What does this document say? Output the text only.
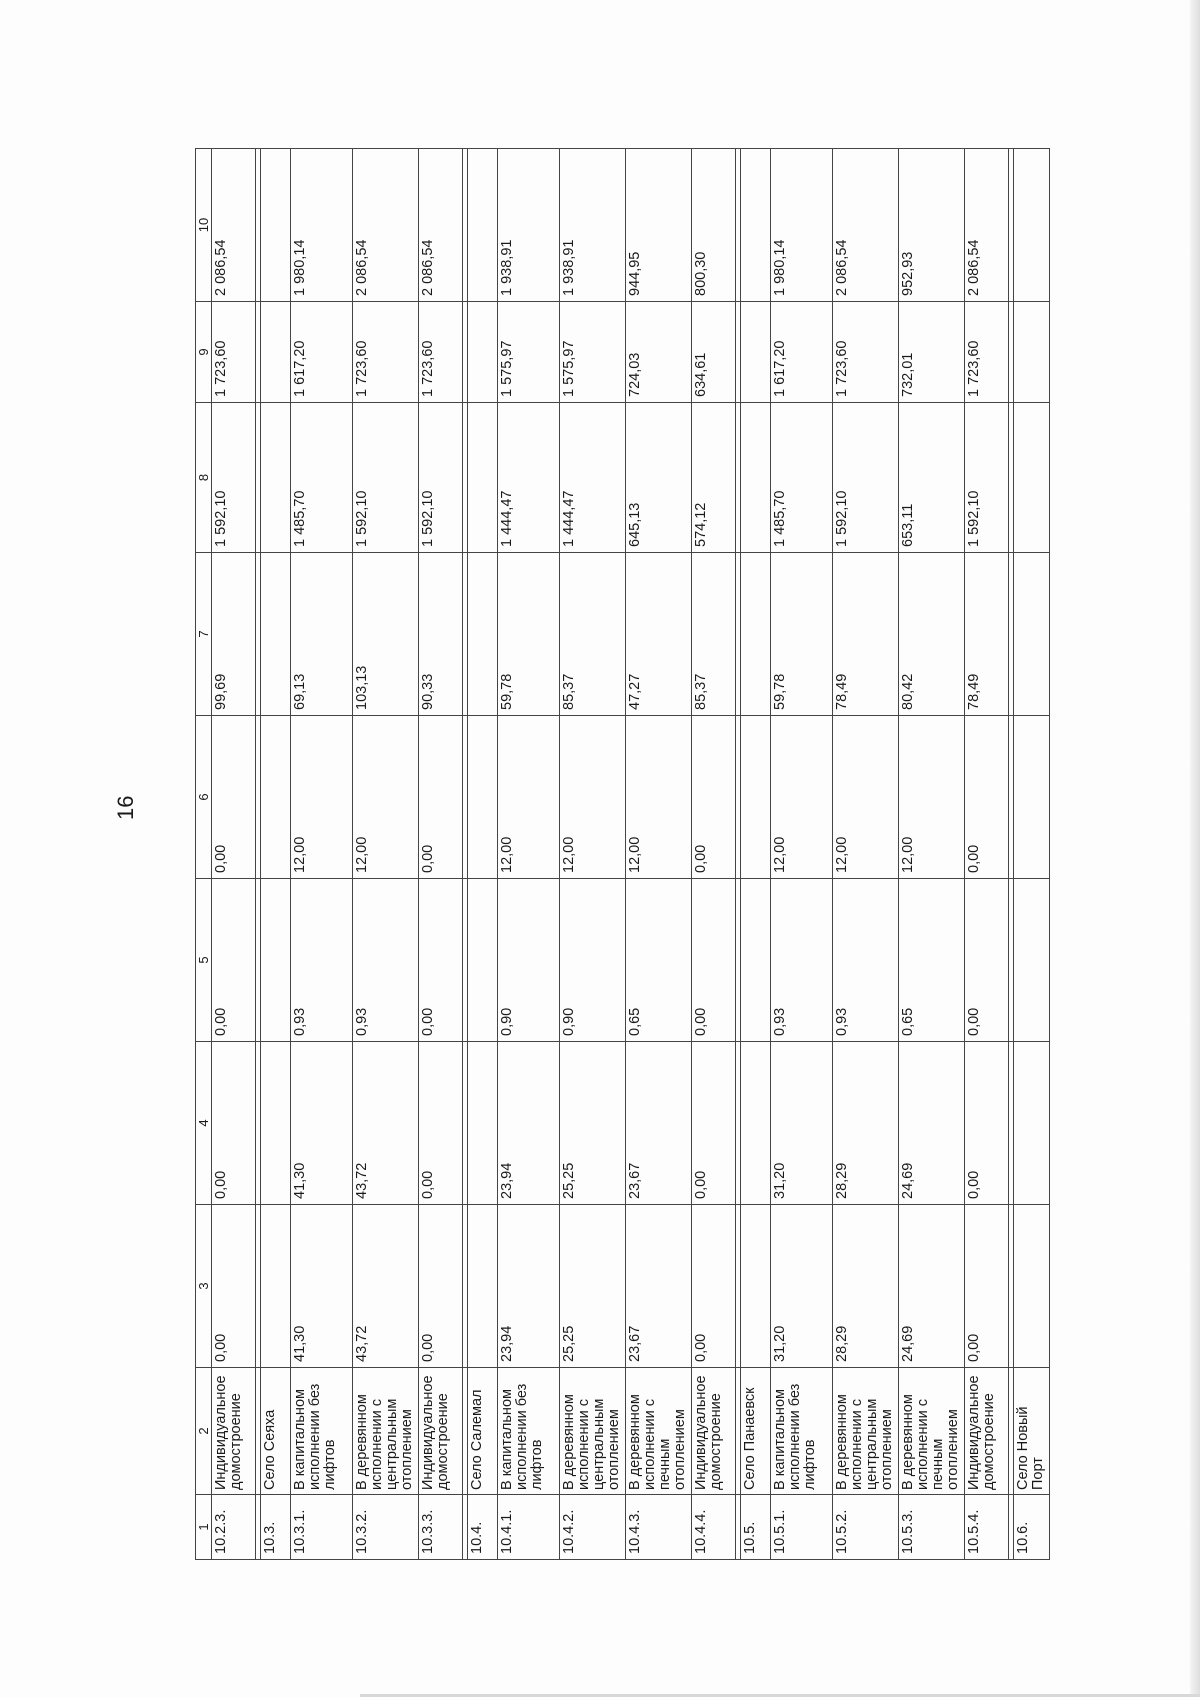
16
1	2	3	4	5	6	7	8	9	10
10.2.3.	Индивидуальное домостроение	0,00	0,00	0,00	0,00	99,69	1 592,10	1 723,60	2 086,54

10.3.	Село Сеяха								
10.3.1.	В капитальном исполнении без лифтов	41,30	41,30	0,93	12,00	69,13	1 485,70	1 617,20	1 980,14
10.3.2.	В деревянном исполнении с центральным отоплением	43,72	43,72	0,93	12,00	103,13	1 592,10	1 723,60	2 086,54
10.3.3.	Индивидуальное домостроение	0,00	0,00	0,00	0,00	90,33	1 592,10	1 723,60	2 086,54

10.4.	Село Салемал								
10.4.1.	В капитальном исполнении без лифтов	23,94	23,94	0,90	12,00	59,78	1 444,47	1 575,97	1 938,91
10.4.2.	В деревянном исполнении с центральным отоплением	25,25	25,25	0,90	12,00	85,37	1 444,47	1 575,97	1 938,91
10.4.3.	В деревянном исполнении с печным отоплением	23,67	23,67	0,65	12,00	47,27	645,13	724,03	944,95
10.4.4.	Индивидуальное домостроение	0,00	0,00	0,00	0,00	85,37	574,12	634,61	800,30

10.5.	Село Панаевск								
10.5.1.	В капитальном исполнении без лифтов	31,20	31,20	0,93	12,00	59,78	1 485,70	1 617,20	1 980,14
10.5.2.	В деревянном исполнении с центральным отоплением	28,29	28,29	0,93	12,00	78,49	1 592,10	1 723,60	2 086,54
10.5.3.	В деревянном исполнении с печным отоплением	24,69	24,69	0,65	12,00	80,42	653,11	732,01	952,93
10.5.4.	Индивидуальное домостроение	0,00	0,00	0,00	0,00	78,49	1 592,10	1 723,60	2 086,54

10.6.	Село Новый Порт								
